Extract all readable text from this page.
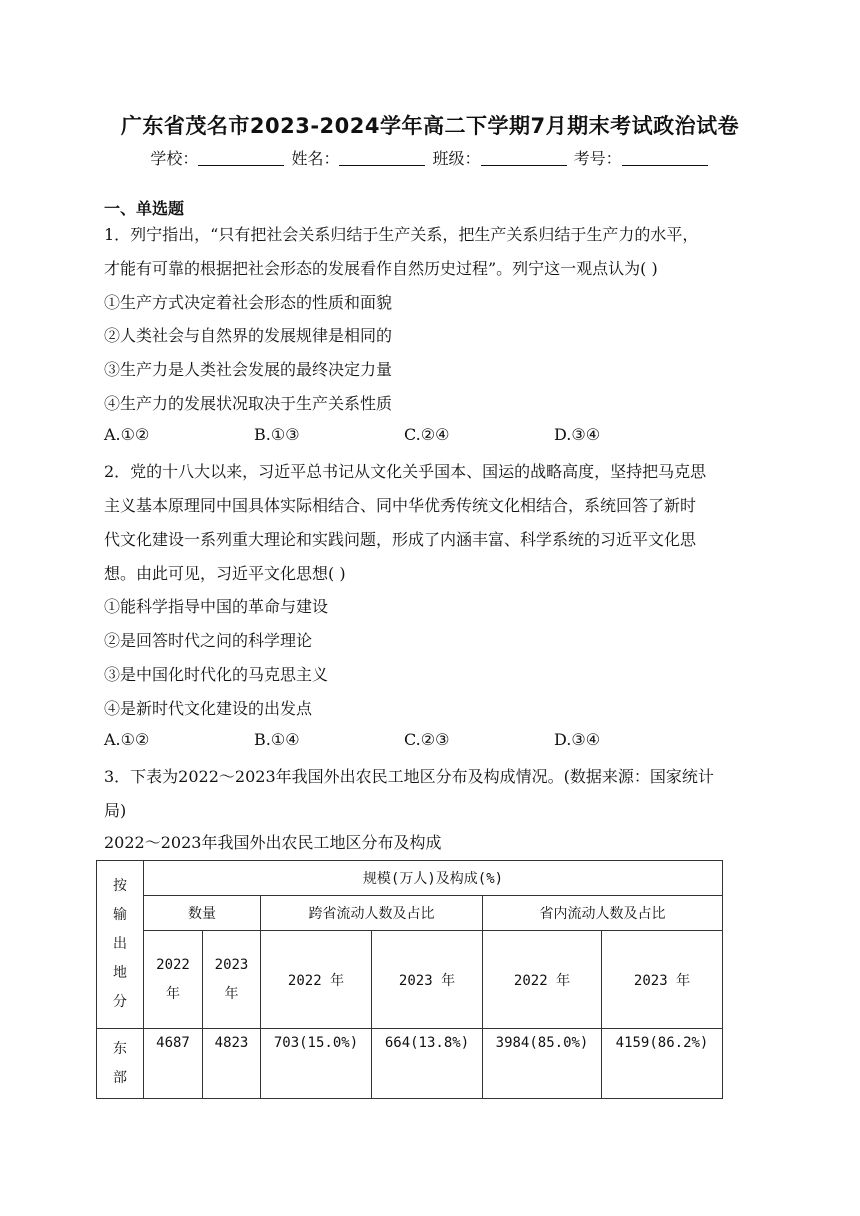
广东省茂名市2023-2024学年高二下学期7月期末考试政治试卷
学校：	姓名：	班级：	考号：
一、单选题
1．列宁指出，“只有把社会关系归结于生产关系，把生产关系归结于生产力的水平，
才能有可靠的根据把社会形态的发展看作自然历史过程”。列宁这一观点认为( )
①生产方式决定着社会形态的性质和面貌
②人类社会与自然界的发展规律是相同的
③生产力是人类社会发展的最终决定力量
④生产力的发展状况取决于生产关系性质
A.①②	B.①③	C.②④	D.③④
2．党的十八大以来，习近平总书记从文化关乎国本、国运的战略高度，坚持把马克思
主义基本原理同中国具体实际相结合、同中华优秀传统文化相结合，系统回答了新时
代文化建设一系列重大理论和实践问题，形成了内涵丰富、科学系统的习近平文化思
想。由此可见，习近平文化思想( )
①能科学指导中国的革命与建设
②是回答时代之问的科学理论
③是中国化时代化的马克思主义
④是新时代文化建设的出发点
A.①②	B.①④	C.②③	D.③④
3．下表为2022～2023年我国外出农民工地区分布及构成情况。(数据来源：国家统计
局)
2022～2023年我国外出农民工地区分布及构成
按输出地分	规模(万人)及构成(%)					
	数量		跨省流动人数及占比		省内流动人数及占比	

	2022年	2023年	2022 年	2023 年	2022 年	2023 年

东部	4687	4823	703(15.0%)	664(13.8%)	3984(85.0%)	4159(86.2%)
